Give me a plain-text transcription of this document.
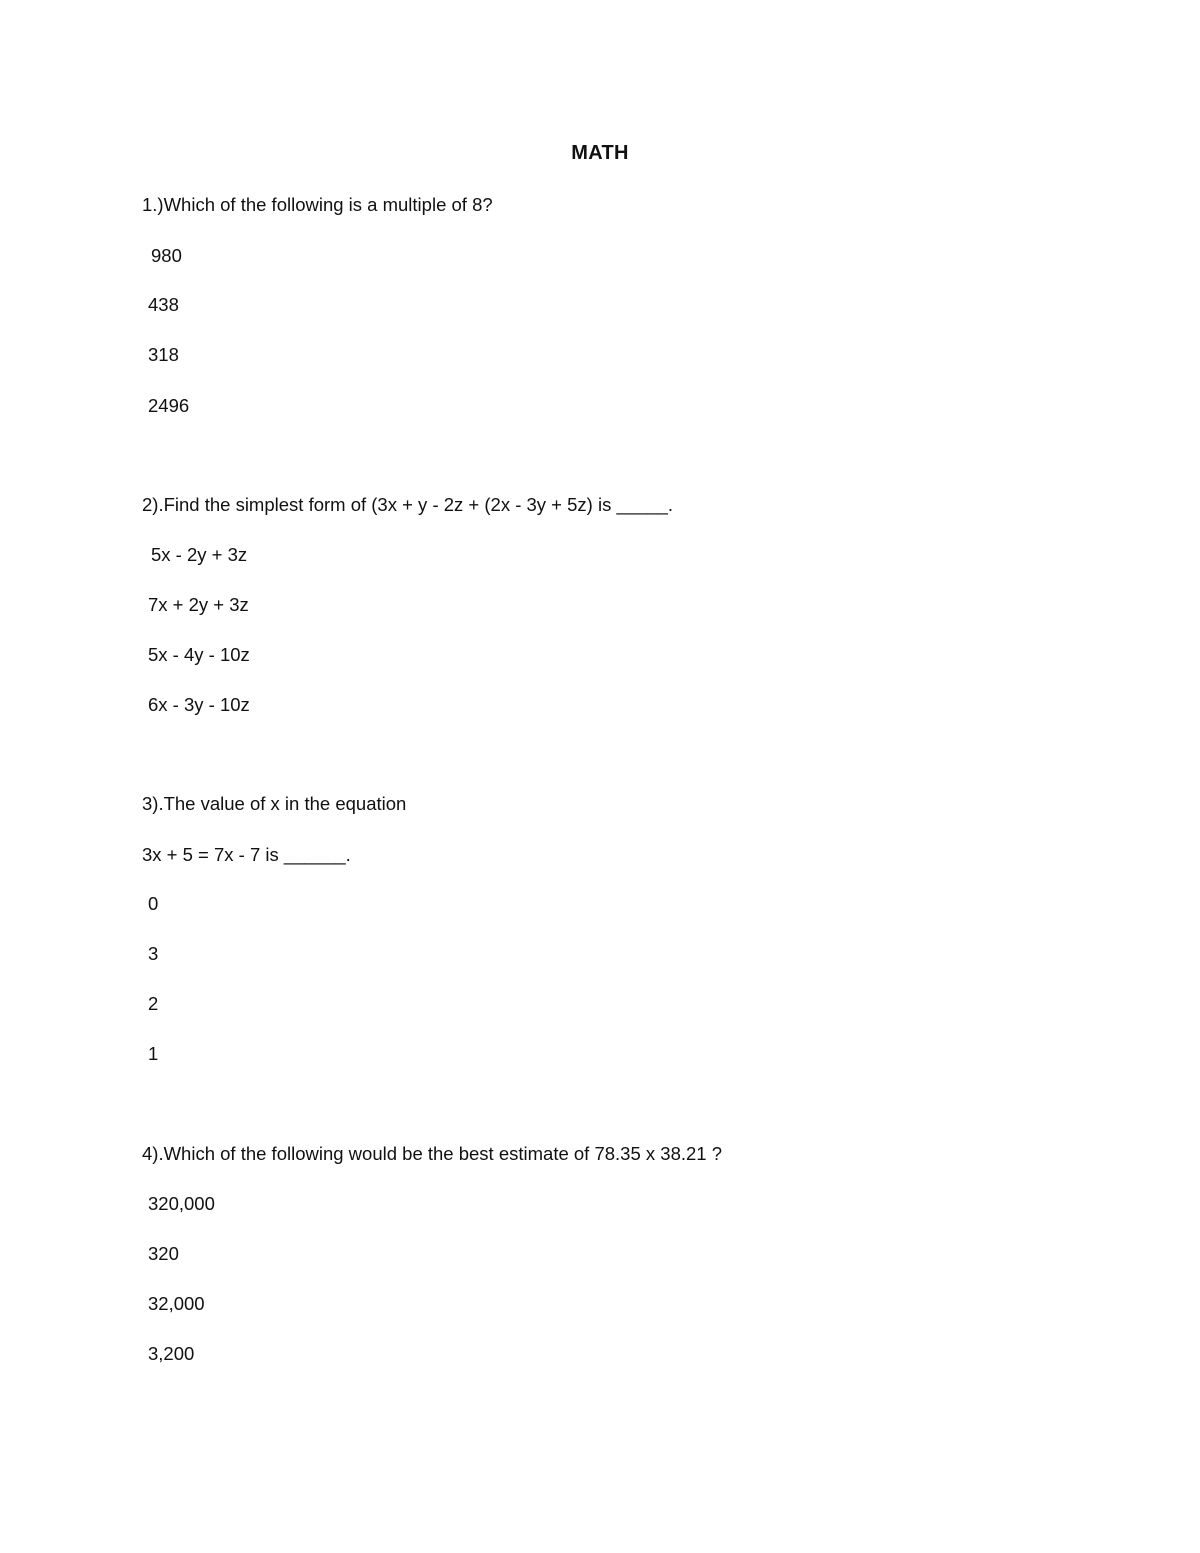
MATH
1.)Which of the following is a multiple of 8?
980
438
318
2496
2).Find the simplest form of (3x + y - 2z + (2x - 3y + 5z) is _____.
5x - 2y + 3z
7x + 2y + 3z
5x - 4y - 10z
6x - 3y - 10z
3).The value of x in the equation
3x + 5 = 7x - 7 is ______.
0
3
2
1
4).Which of the following would be the best estimate of 78.35 x 38.21 ?
320,000
320
32,000
3,200
